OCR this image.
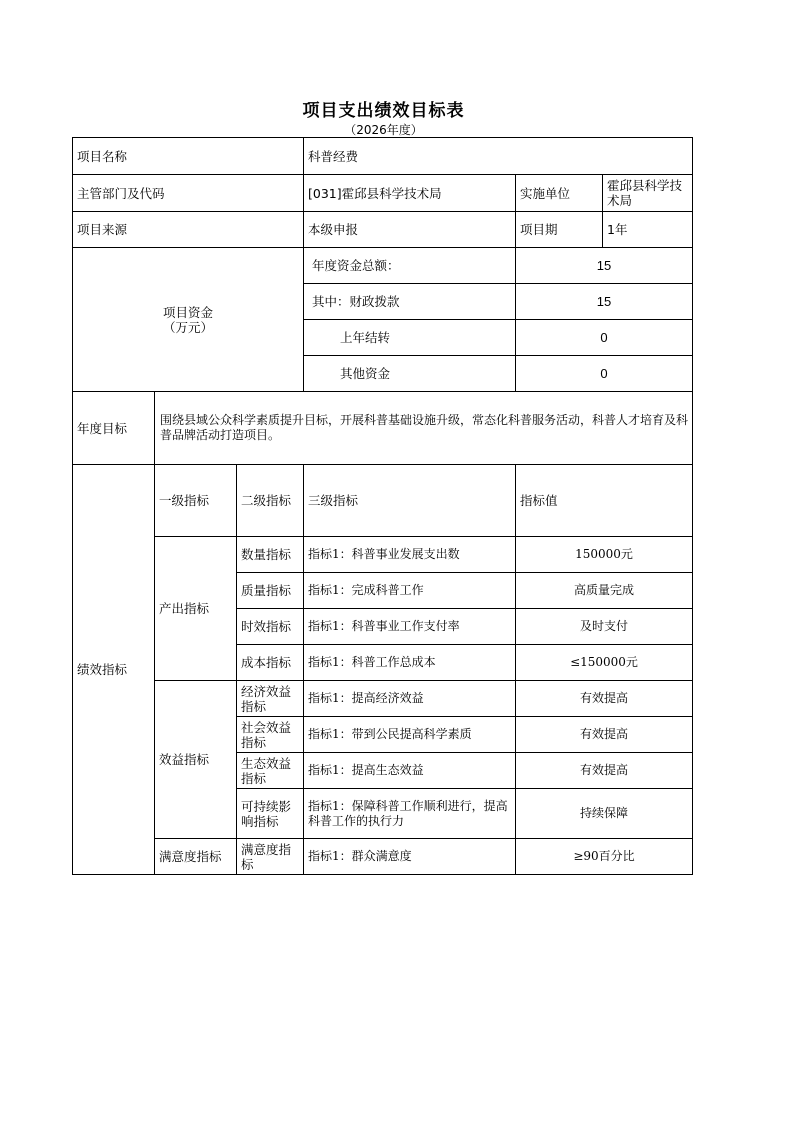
项目支出绩效目标表
（2026年度）
项目名称			科普经费		
主管部门及代码			[031]霍邱县科学技术局	实施单位	霍邱县科学技术局
项目来源			本级申报	项目期	1年

项目资金
（万元）			年度资金总额：	15	
			其中：财政拨款	15	
			上年结转	0	
			其他资金	0	
年度目标	围绕县域公众科学素质提升目标，开展科普基础设施升级，常态化科普服务活动，科普人才培育及科普品牌活动打造项目。				
绩效指标	一级指标	二级指标	三级指标	指标值	
	产出指标	数量指标	指标1：科普事业发展支出数	150000元	
		质量指标	指标1：完成科普工作	高质量完成	
		时效指标	指标1：科普事业工作支付率	及时支付	
		成本指标	指标1：科普工作总成本	≤150000元	
	效益指标	经济效益指标	指标1：提高经济效益	有效提高	
		社会效益指标	指标1：带到公民提高科学素质	有效提高	
		生态效益指标	指标1：提高生态效益	有效提高	
		可持续影响指标	指标1：保障科普工作顺利进行，提高科普工作的执行力	持续保障	
	满意度指标	满意度指标	指标1：群众满意度	≥90百分比	
